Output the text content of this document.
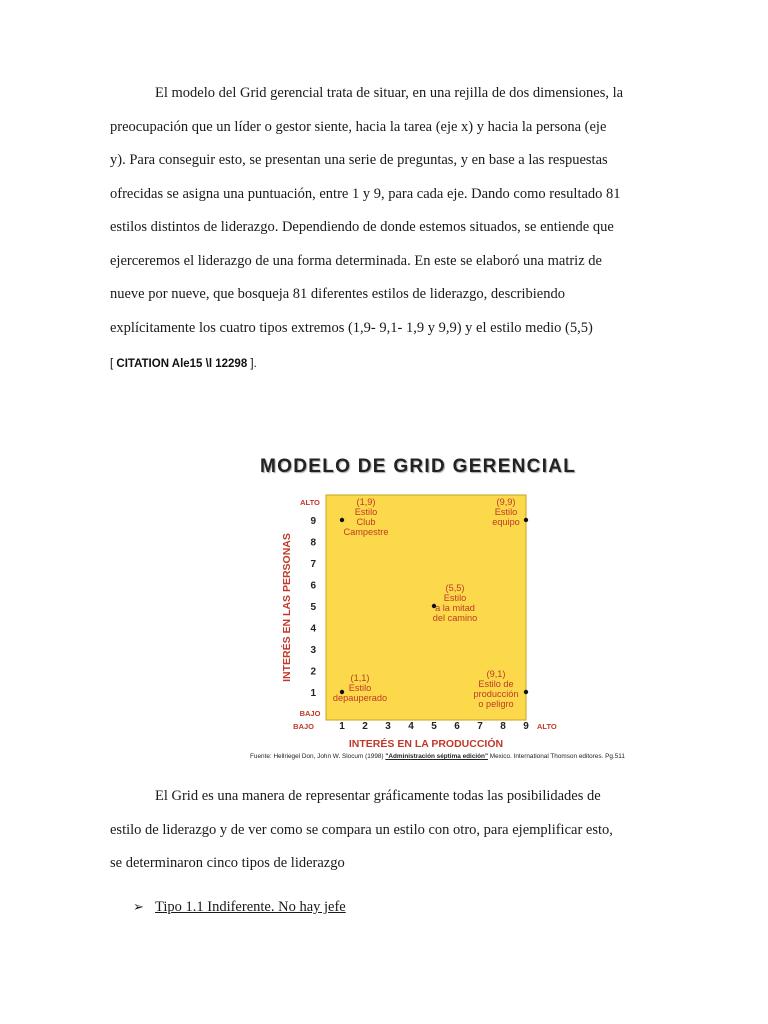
El modelo del Grid gerencial trata de situar, en una rejilla de dos dimensiones, la
preocupación que un líder o gestor siente, hacia la tarea (eje x) y hacia la persona (eje
y). Para conseguir esto, se presentan una serie de preguntas, y en base a las respuestas
ofrecidas se asigna una puntuación, entre 1 y 9, para cada eje. Dando como resultado 81
estilos distintos de liderazgo. Dependiendo de donde estemos situados, se entiende que
ejerceremos el liderazgo de una forma determinada. En este se elaboró una matriz de
nueve por nueve, que bosqueja 81 diferentes estilos de liderazgo, describiendo
explícitamente los cuatro tipos extremos (1,9- 9,1- 1,9 y 9,9) y el estilo medio (5,5)

[ CITATION Ale15 \l 12298 ].
1
2
3
4
5
6
7
8
9
1 2 3 4 5 6 7 8 9
ALTO
BAJO
BAJO	ALTO
INTERÉS EN LA PRODUCCIÓN
INTERÉS EN LAS PERSONAS
(1,9) Estilo Club Campestre
(9,9) Estilo equipo
(5,5) Estilo a la mitad del camino
(1,1) Estilo depauperado
(9,1) Estilo de producción o peligro
MODELO DE GRID GERENCIAL
Fuente: Hellriegel Don, John W. Slocum (1998) "Administración séptima edición" Mexico. International Thomson editores. Pg.511

El Grid es una manera de representar gráficamente todas las posibilidades de
estilo de liderazgo y de ver como se compara un estilo con otro, para ejemplificar esto,
se determinaron cinco tipos de liderazgo

➢ Tipo 1.1 Indiferente. No hay jefe
